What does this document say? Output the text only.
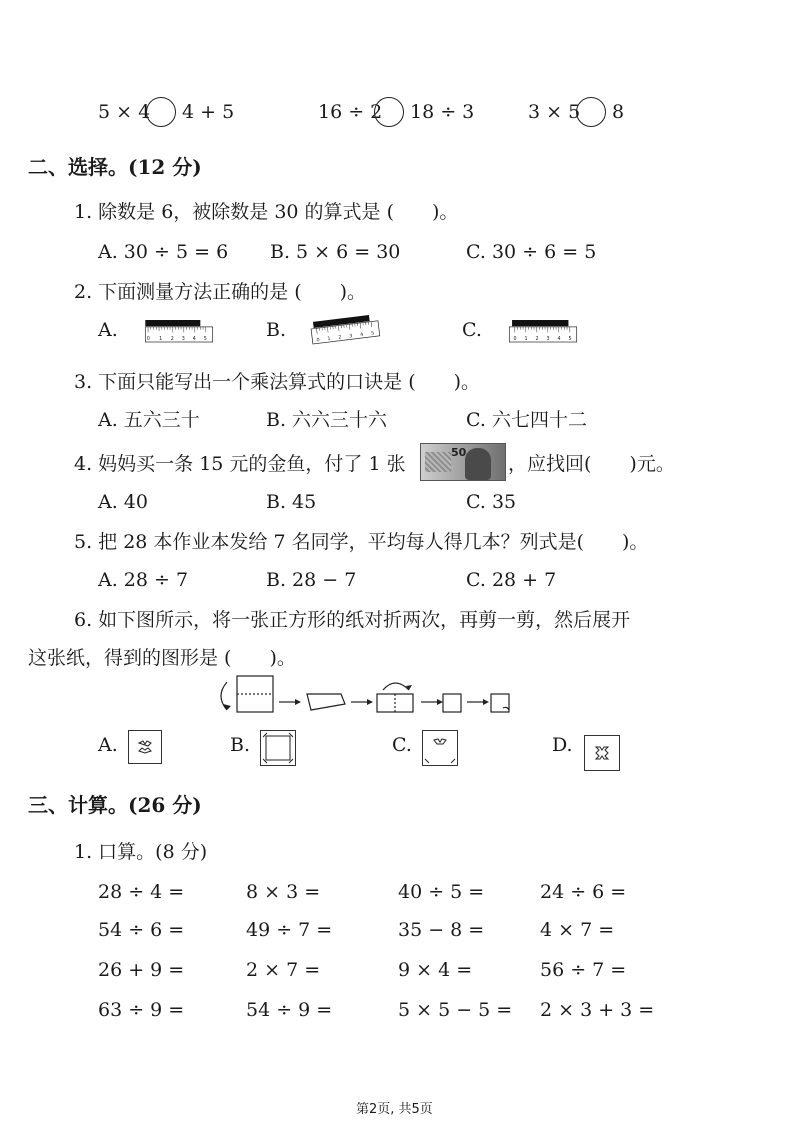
5 × 4 4 + 5	16 ÷ 2 18 ÷ 3	3 × 5 8
二、选择。(12 分)
1. 除数是 6，被除数是 30 的算式是 (　　)。
A. 30 ÷ 5 = 6 B. 5 × 6 = 30	C. 30 ÷ 6 = 5
2. 下面测量方法正确的是 (　　)。
A.	0 1 2 3 4 5	B.	0 1 2 3 4 5	C.	0 1 2 3 4 5
3. 下面只能写出一个乘法算式的口诀是 (　　)。
A. 五六三十	B. 六六三十六	C. 六七四十二
4. 妈妈买一条 15 元的金鱼，付了 1 张
50
，应找回(　　)元。
A. 40	B. 45	C. 35
5. 把 28 本作业本发给 7 名同学，平均每人得几本？列式是(　　)。
A. 28 ÷ 7	B. 28 − 7	C. 28 + 7
6. 如下图所示，将一张正方形的纸对折两次，再剪一剪，然后展开
这张纸，得到的图形是 (　　)。
A.	B.	C.	D.
三、计算。(26 分)
1. 口算。(8 分)
28 ÷ 4 =	8 × 3 =	40 ÷ 5 =	24 ÷ 6 =
54 ÷ 6 =	49 ÷ 7 =	35 − 8 =	4 × 7 =
26 + 9 =	2 × 7 =	9 × 4 =	56 ÷ 7 =
63 ÷ 9 =	54 ÷ 9 =	5 × 5 − 5 = 2 × 3 + 3 =
第2页, 共5页
